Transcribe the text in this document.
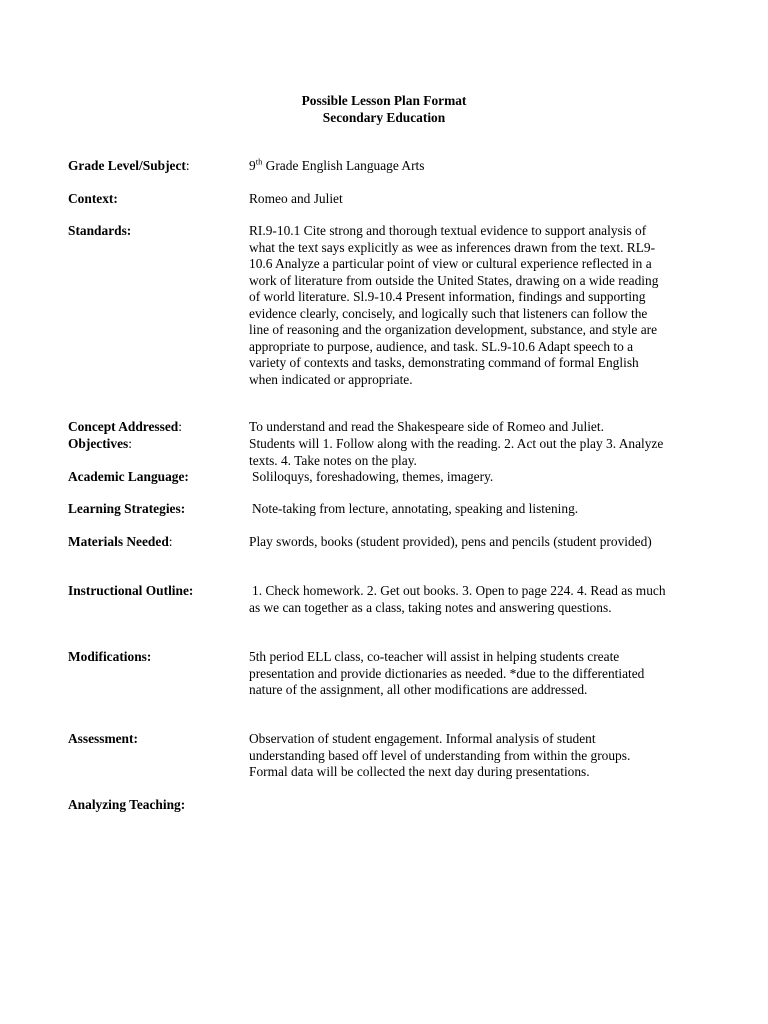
Possible Lesson Plan Format
Secondary Education
Grade Level/Subject:	9th Grade English Language Arts
Context:	Romeo and Juliet
Standards:	RI.9-10.1 Cite strong and thorough textual evidence to support analysis of what the text says explicitly as wee as inferences drawn from the text. RL9-10.6 Analyze a particular point of view or cultural experience reflected in a work of literature from outside the United States, drawing on a wide reading of world literature. Sl.9-10.4 Present information, findings and supporting evidence clearly, concisely, and logically such that listeners can follow the line of reasoning and the organization development, substance, and style are appropriate to purpose, audience, and task. SL.9-10.6 Adapt speech to a variety of contexts and tasks, demonstrating command of formal English when indicated or appropriate.
Concept Addressed:	To understand and read the Shakespeare side of Romeo and Juliet.
Objectives:	Students will 1. Follow along with the reading. 2. Act out the play 3. Analyze texts. 4. Take notes on the play.
Academic Language:	Soliloquys, foreshadowing, themes, imagery.
Learning Strategies:	Note-taking from lecture, annotating, speaking and listening.
Materials Needed:	Play swords, books (student provided), pens and pencils (student provided)
Instructional Outline:	1. Check homework. 2. Get out books. 3. Open to page 224. 4. Read as much as we can together as a class, taking notes and answering questions.
Modifications:	5th period ELL class, co-teacher will assist in helping students create presentation and provide dictionaries as needed. *due to the differentiated nature of the assignment, all other modifications are addressed.
Assessment:	Observation of student engagement. Informal analysis of student understanding based off level of understanding from within the groups. Formal data will be collected the next day during presentations.
Analyzing Teaching:
